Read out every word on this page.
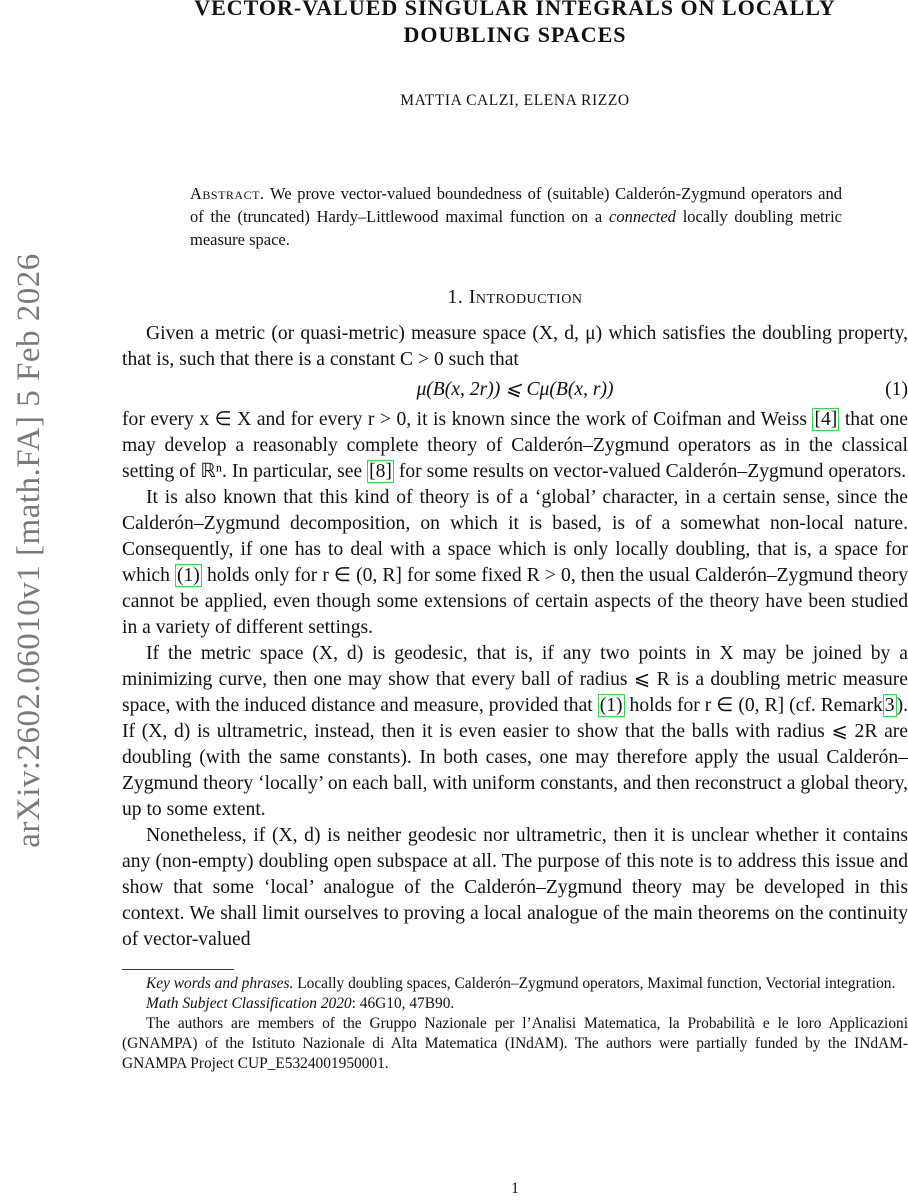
arXiv:2602.06010v1 [math.FA] 5 Feb 2026
VECTOR-VALUED SINGULAR INTEGRALS ON LOCALLY
DOUBLING SPACES
MATTIA CALZI, ELENA RIZZO
Abstract. We prove vector-valued boundedness of (suitable) Calderón-Zygmund operators and of the (truncated) Hardy–Littlewood maximal function on a connected locally doubling metric measure space.
1. Introduction

Given a metric (or quasi-metric) measure space (X, d, μ) which satisfies the doubling property, that is, such that there is a constant C > 0 such that

μ(B(x, 2r)) ⩽ Cμ(B(x, r))	(1)

for every x ∈ X and for every r > 0, it is known since the work of Coifman and Weiss [4] that one may develop a reasonably complete theory of Calderón–Zygmund operators as in the classical setting of ℝⁿ. In particular, see [8] for some results on vector-valued Calderón–Zygmund operators.

It is also known that this kind of theory is of a ‘global’ character, in a certain sense, since the Calderón–Zygmund decomposition, on which it is based, is of a somewhat non-local nature. Consequently, if one has to deal with a space which is only locally doubling, that is, a space for which (1) holds only for r ∈ (0, R] for some fixed R > 0, then the usual Calderón–Zygmund theory cannot be applied, even though some extensions of certain aspects of the theory have been studied in a variety of different settings.

If the metric space (X, d) is geodesic, that is, if any two points in X may be joined by a minimizing curve, then one may show that every ball of radius ⩽ R is a doubling metric measure space, with the induced distance and measure, provided that (1) holds for r ∈ (0, R] (cf. Remark 3 ). If (X, d) is ultrametric, instead, then it is even easier to show that the balls with radius ⩽ 2R are doubling (with the same constants). In both cases, one may therefore apply the usual Calderón–Zygmund theory ‘locally’ on each ball, with uniform constants, and then reconstruct a global theory, up to some extent.

Nonetheless, if (X, d) is neither geodesic nor ultrametric, then it is unclear whether it contains any (non-empty) doubling open subspace at all. The purpose of this note is to address this issue and show that some ‘local’ analogue of the Calderón–Zygmund theory may be developed in this context. We shall limit ourselves to proving a local analogue of the main theorems on the continuity of vector-valued

Key words and phrases. Locally doubling spaces, Calderón–Zygmund operators, Maximal function, Vectorial integration.

Math Subject Classification 2020: 46G10, 47B90.

The authors are members of the Gruppo Nazionale per l’Analisi Matematica, la Probabilità e le loro Applicazioni (GNAMPA) of the Istituto Nazionale di Alta Matematica (INdAM). The authors were partially funded by the INdAM-GNAMPA Project CUP_E5324001950001.

1
